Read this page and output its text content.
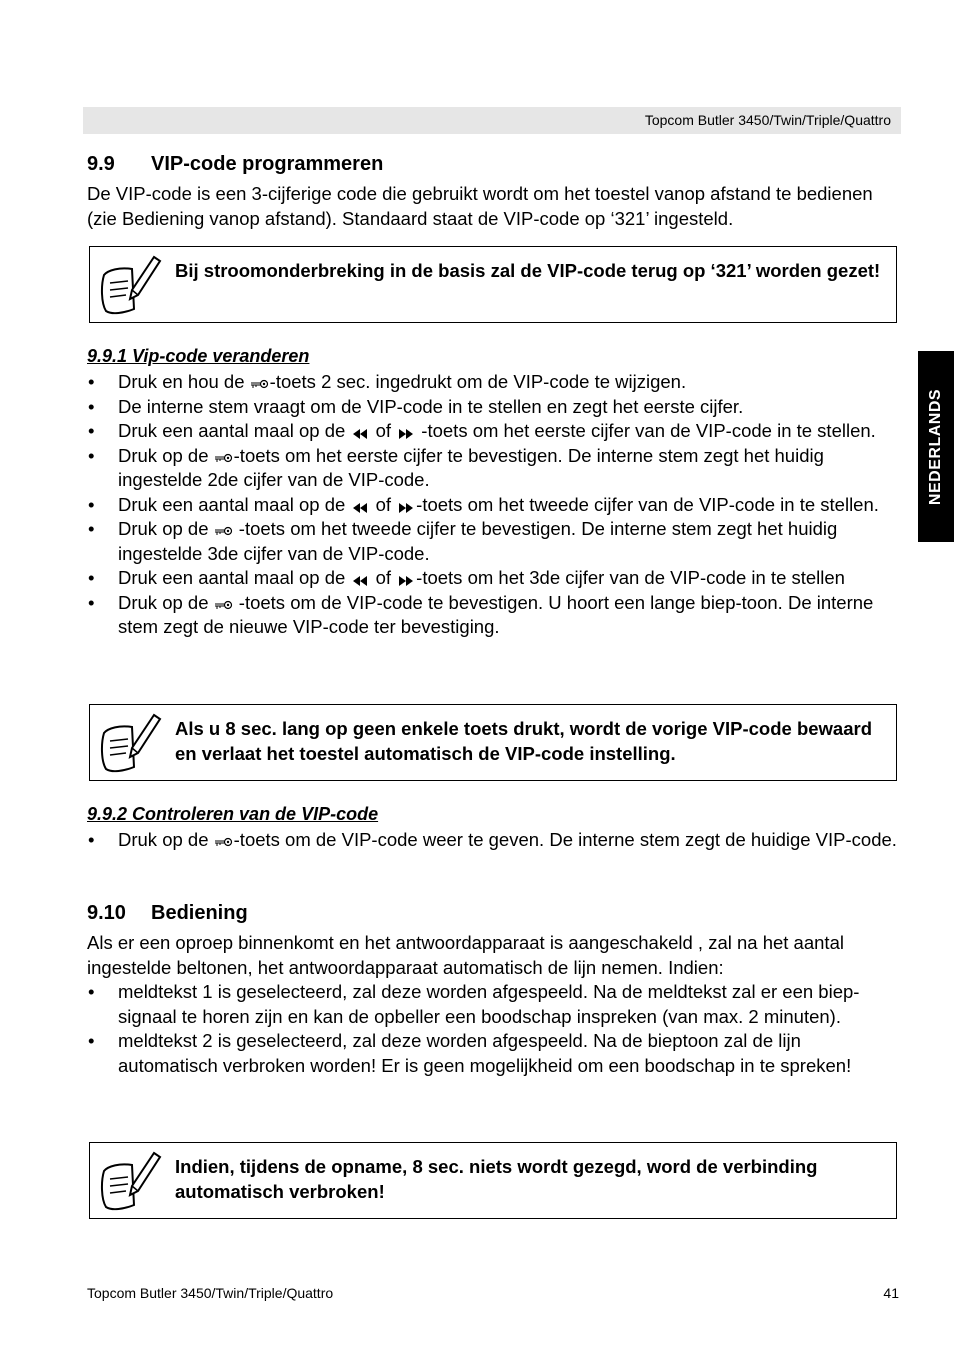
Topcom Butler 3450/Twin/Triple/Quattro
NEDERLANDS
9.9 VIP-code programmeren
De VIP-code is een 3-cijferige code die gebruikt wordt om het toestel vanop afstand te bedienen (zie Bediening vanop afstand). Standaard staat de VIP-code op ‘321’ ingesteld.
Bij stroomonderbreking in de basis zal de VIP-code terug op ‘321’ worden gezet!
9.9.1 Vip-code veranderen
• Druk en hou de
-toets 2 sec. ingedrukt om de VIP-code te wijzigen.
• De interne stem vraagt om de VIP-code in te stellen en zegt het eerste cijfer.
• Druk een aantal maal op de
of
-toets om het eerste cijfer van de VIP-code in te stellen.
• Druk op de
-toets om het eerste cijfer te bevestigen. De interne stem zegt het huidig ingestelde 2de cijfer van de VIP-code.
• Druk een aantal maal op de
of
-toets om het tweede cijfer van de VIP-code in te stellen.
• Druk op de
-toets om het tweede cijfer te bevestigen. De interne stem zegt het huidig ingestelde 3de cijfer van de VIP-code.
• Druk een aantal maal op de
of
-toets om het 3de cijfer van de VIP-code in te stellen
• Druk op de
-toets om de VIP-code te bevestigen. U hoort een lange biep-toon. De interne stem zegt de nieuwe VIP-code ter bevestiging.
Als u 8 sec. lang op geen enkele toets drukt, wordt de vorige VIP-code bewaard en verlaat het toestel automatisch de VIP-code instelling.
9.9.2 Controleren van de VIP-code
• Druk op de
-toets om de VIP-code weer te geven. De interne stem zegt de huidige VIP-code.
9.10 Bediening
Als er een oproep binnenkomt en het antwoordapparaat is aangeschakeld , zal na het aantal ingestelde beltonen, het antwoordapparaat automatisch de lijn nemen. Indien:
• meldtekst 1 is geselecteerd, zal deze worden afgespeeld. Na de meldtekst zal er een biep-signaal te horen zijn en kan de opbeller een boodschap inspreken (van max. 2 minuten).
• meldtekst 2 is geselecteerd, zal deze worden afgespeeld. Na de bieptoon zal de lijn automatisch verbroken worden! Er is geen mogelijkheid om een boodschap in te spreken!
Indien, tijdens de opname, 8 sec. niets wordt gezegd, word de verbinding automatisch verbroken!
Topcom Butler 3450/Twin/Triple/Quattro	41
